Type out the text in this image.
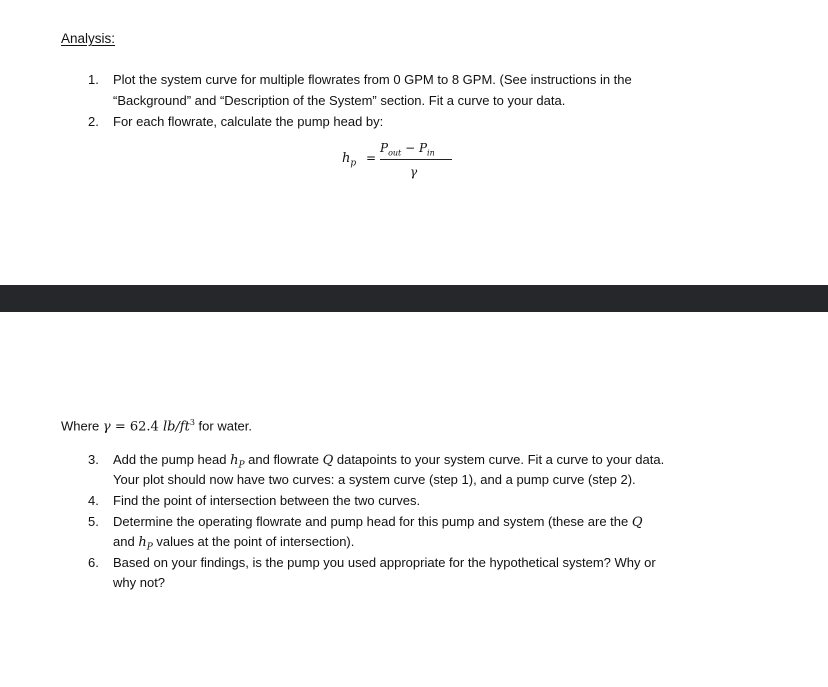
Analysis:
1. Plot the system curve for multiple flowrates from 0 GPM to 8 GPM. (See instructions in the
“Background” and “Description of the System” section. Fit a curve to your data.
2. For each flowrate, calculate the pump head by:
$h_p$ =
$P_{out} - P_{in}$
γ
Where γ = 62.4 $lb/ft^3$ for water.
3. Add the pump head $h_P$ and flowrate Q datapoints to your system curve. Fit a curve to your data.
Your plot should now have two curves: a system curve (step 1), and a pump curve (step 2).
4. Find the point of intersection between the two curves.
5. Determine the operating flowrate and pump head for this pump and system (these are the Q
and $h_P$ values at the point of intersection).
6. Based on your findings, is the pump you used appropriate for the hypothetical system? Why or
why not?
